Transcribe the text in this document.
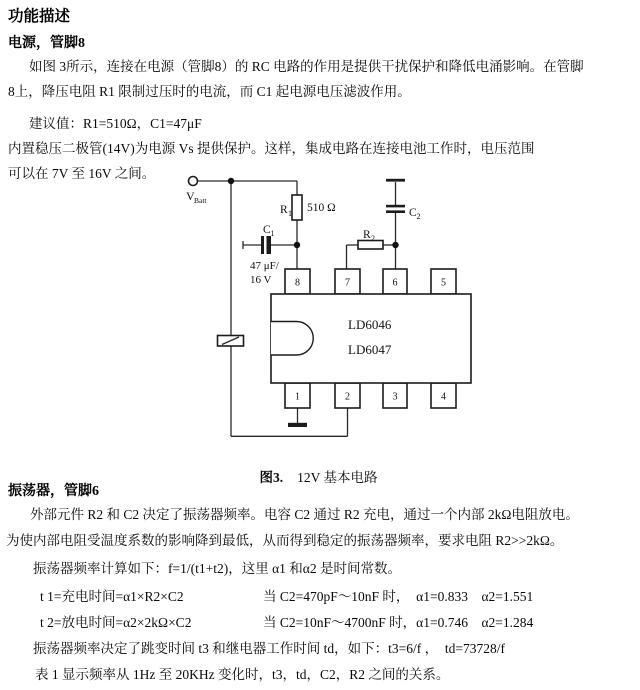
功能描述
电源，管脚8
如图 3所示，连接在电源（管脚8）的 RC 电路的作用是提供干扰保护和降低电涌影响。在管脚
8上，降压电阻 R1 限制过压时的电流，而 C1 起电源电压滤波作用。
建议值：R1=510Ω，C1=47μF
内置稳压二极管(14V)为电源 Vs 提供保护。这样，集成电路在连接电池工作时，电压范围
可以在 7V 至 16V 之间。
V Batt
R 1 510 Ω
C 1
47 μF/
16 V
R 2
C 2
LD6046
LD6047
8	7	6	5
1	2	3	4

图3. 12V 基本电路

振荡器，管脚6
外部元件 R2 和 C2 决定了振荡器频率。电容 C2 通过 R2 充电，通过一个内部 2kΩ电阻放电。
为使内部电阻受温度系数的影响降到最低，从而得到稳定的振荡器频率，要求电阻 R2>>2kΩ。
振荡器频率计算如下：f=1/(t1+t2)，这里 α1 和α2 是时间常数。
t 1=充电时间=α1×R2×C2	当 C2=470pF～10nF 时，  α1=0.833    α2=1.551
t 2=放电时间=α2×2kΩ×C2	当 C2=10nF～4700nF 时，α1=0.746    α2=1.284
振荡器频率决定了跳变时间 t3 和继电器工作时间 td，如下：t3=6/f ，  td=73728/f
表 1 显示频率从 1Hz 至 20KHz 变化时，t3，td，C2，R2 之间的关系。
